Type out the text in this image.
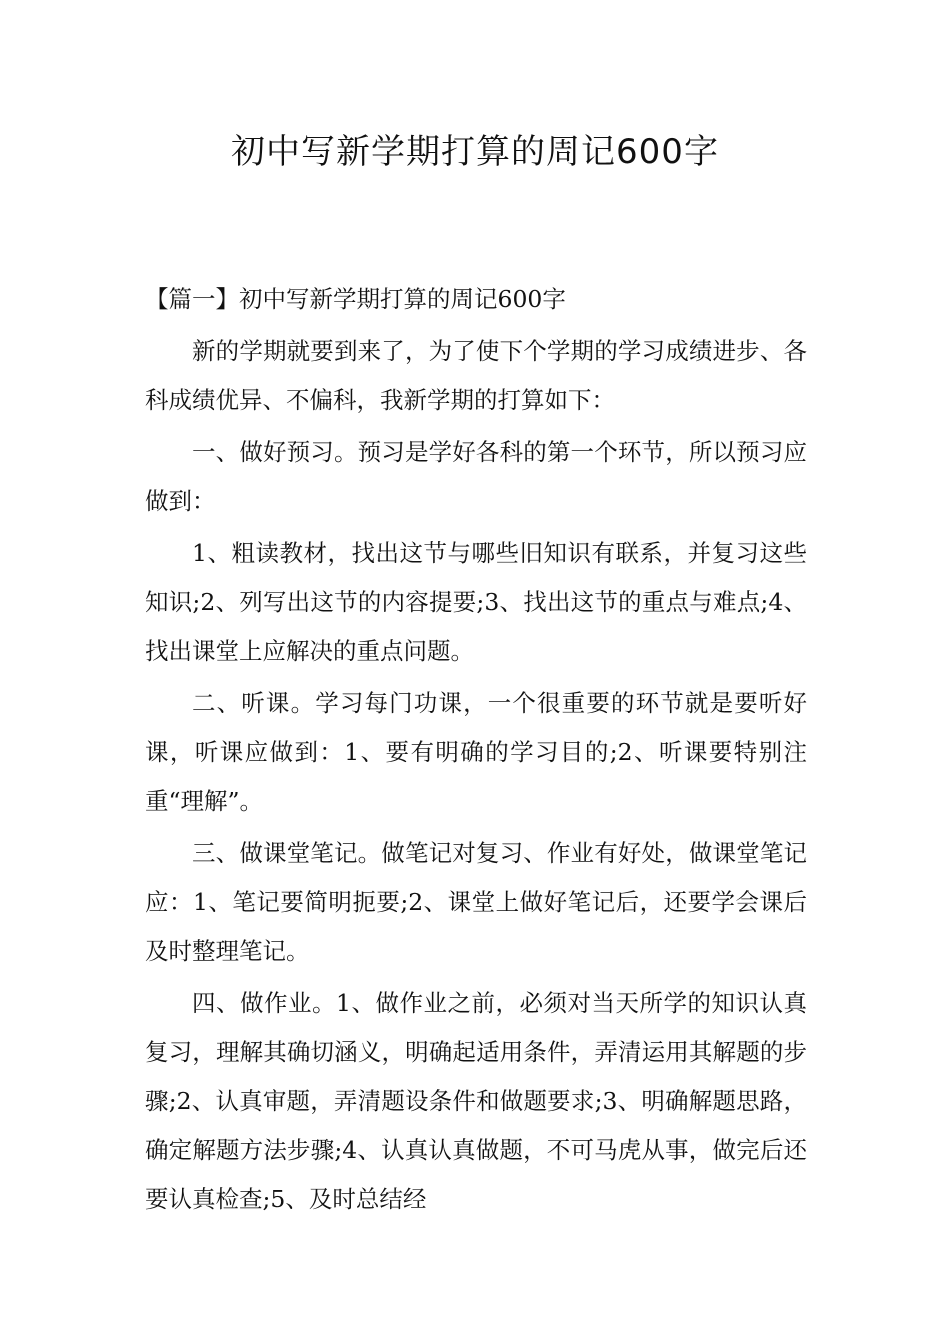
初中写新学期打算的周记600字

【篇一】初中写新学期打算的周记600字

新的学期就要到来了，为了使下个学期的学习成绩进步、各科成绩优异、不偏科，我新学期的打算如下：

一、做好预习。预习是学好各科的第一个环节，所以预习应做到：

1、粗读教材，找出这节与哪些旧知识有联系，并复习这些知识;2、列写出这节的内容提要;3、找出这节的重点与难点;4、找出课堂上应解决的重点问题。

二、听课。学习每门功课，一个很重要的环节就是要听好课，听课应做到：1、要有明确的学习目的;2、听课要特别注重“理解”。

三、做课堂笔记。做笔记对复习、作业有好处，做课堂笔记应：1、笔记要简明扼要;2、课堂上做好笔记后，还要学会课后及时整理笔记。

四、做作业。1、做作业之前，必须对当天所学的知识认真复习，理解其确切涵义，明确起适用条件，弄清运用其解题的步骤;2、认真审题，弄清题设条件和做题要求;3、明确解题思路，确定解题方法步骤;4、认真认真做题，不可马虎从事，做完后还要认真检查;5、及时总结经
